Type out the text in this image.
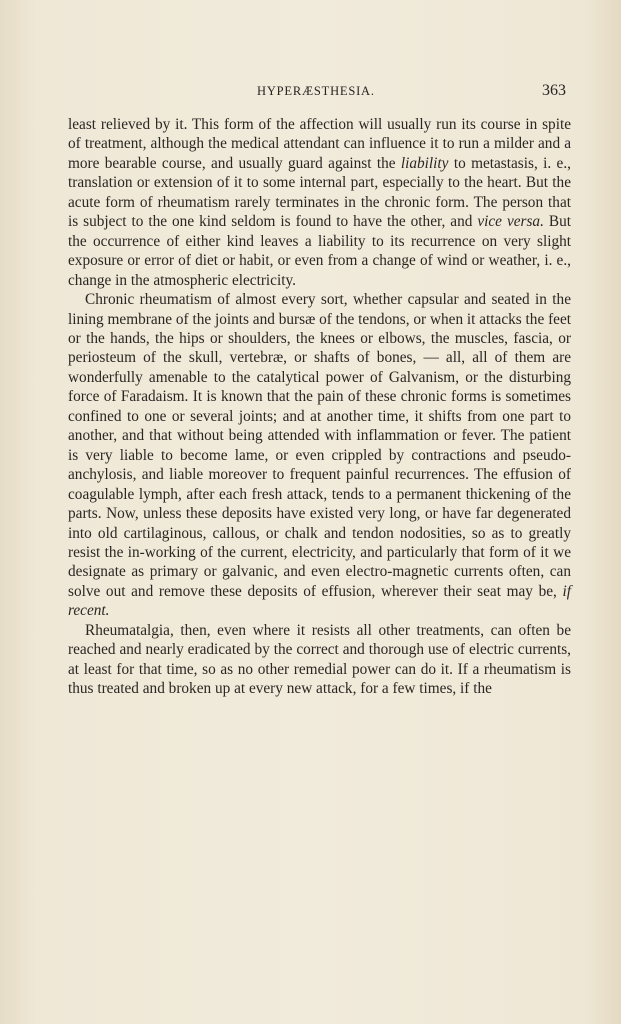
HYPERÆSTHESIA.	363

least relieved by it. This form of the affection will usually run its course in spite of treatment, although the medical attendant can influence it to run a milder and a more bearable course, and usually guard against the liability to metastasis, i. e., translation or extension of it to some internal part, especially to the heart. But the acute form of rheumatism rarely terminates in the chronic form. The person that is subject to the one kind seldom is found to have the other, and vice versa. But the occurrence of either kind leaves a liability to its recurrence on very slight exposure or error of diet or habit, or even from a change of wind or weather, i. e., change in the atmospheric electricity.

Chronic rheumatism of almost every sort, whether capsular and seated in the lining membrane of the joints and bursæ of the tendons, or when it attacks the feet or the hands, the hips or shoulders, the knees or elbows, the muscles, fascia, or periosteum of the skull, vertebræ, or shafts of bones, — all, all of them are wonderfully amenable to the catalytical power of Galvanism, or the disturbing force of Faradaism. It is known that the pain of these chronic forms is sometimes confined to one or several joints; and at another time, it shifts from one part to another, and that without being attended with inflammation or fever. The patient is very liable to become lame, or even crippled by contractions and pseudo-anchylosis, and liable moreover to frequent painful recurrences. The effusion of coagulable lymph, after each fresh attack, tends to a permanent thickening of the parts. Now, unless these deposits have existed very long, or have far degenerated into old cartilaginous, callous, or chalk and tendon nodosities, so as to greatly resist the in-working of the current, electricity, and particularly that form of it we designate as primary or galvanic, and even electro-magnetic currents often, can solve out and remove these deposits of effusion, wherever their seat may be, if recent.

Rheumatalgia, then, even where it resists all other treatments, can often be reached and nearly eradicated by the correct and thorough use of electric currents, at least for that time, so as no other remedial power can do it. If a rheumatism is thus treated and broken up at every new attack, for a few times, if the
